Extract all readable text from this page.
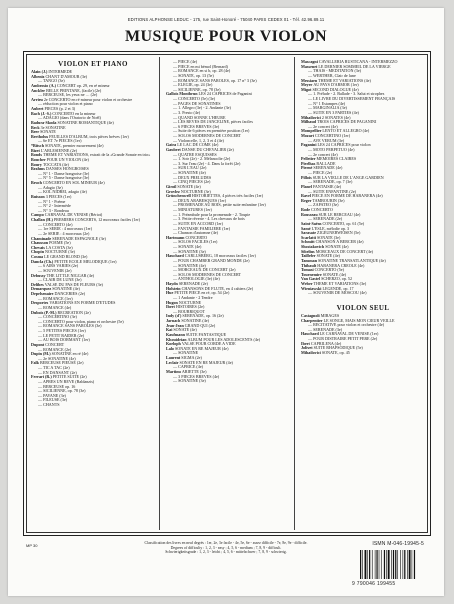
EDITIONS ALPHONSE LEDUC - 175, rue Saint-Honoré - 75040 PARIS CEDEX 01 - Tél. 42.96.89.11
MUSIQUE POUR VIOLON
VIOLON ET PIANO
Alain (J.) INTERMEDE
Albeniz CHANT D'AMOUR (3e)
— TANGO (3e)
Ambrosio (A.) CONCERT op. 29, en ré mineur
Anckler BELLE PRINTANE, (facile) (2e)
— BERCEUSE, les yeux ne … (2e)
Arrieu 2e CONCERTO en ré mineur pour violon et orchestre
— réduction pour violon et piano
Aubert PIECES (p. 2 et 3)
Bach (J.-S.) CONCERTO en la mineur
— ADAGIO (dans l'Oratorio de Noël)
Badura-Skoda SONATINE ROMANTIQUE (4e)
Beck 3e SONATINE
Beer SONATE
Bertholus FEUILLES D'ALBUM, trois pièces brèves (1er)
— 6e ET 7e PIECES (1er)
*Bitsch SONATE, premier mouvement (4e)
Bizet L'ARLESIENNE (2e)
Bonds THEME ET VARIATIONS, extrait de la «Grande Sonate en trio»
Boucher POUR UN VIOLON (4e)
Boury TOCCATA (4e)
Brahms DANSES HONGROISES
— N° 1 - Danse hongroise (3e)
— N° 5 - Danse hongroise (3e)
Bruch CONCERTO EN SOL MINEUR (4e)
— Adagio (3e)
— KOL NIDREI, adagio (4e)
Buisson 3 PIECES (1er)
— N° 1 - Poème
— N° 2 - Intermède
— N° 3 - Rondeau
Campo CARNAVAL DE VENISE (Bériot)
Challan (H.) PREMIERS CONCERTS, 12 morceaux faciles (1er)
— CONCERTO (4e)
— 1re SERIE : 4 morceaux (1er)
— 2e SERIE : 4 morceaux (2e)
Chaminade SERENADE ESPAGNOLE (3e)
Chausson POEME (5e)
Chevais LA COSTA (3e)
Chopin NOCTURNE (3e)
Cosma LE GRAND BLOND (3e)
Dancla (Ch.) PETITE ECOLE MELODIQUE (1er)
— 6 AIRS VARIES (2e)
— SOUVENIR (2e)
Debussy THE LITTLE NIGGAR (4e)
— CLAIR DE LUNE (3e)
Delibes VALSE DU PAS DE FLEURS (3e)
Demarquez SONATINE (4e)
Depelsenaire DANCERIES (2e)
— ROMANCE (1er)
Desportes VARIATIONS EN FORME D'ETUDES
— ROMANCE (4e)
Dubois (P.-M.) RECREATION (2e)
— CONCERTINO (3e)
— CONCERTO pour violon, piano et orchestre (5e)
— ROMANCE SANS PAROLES (3e)
— 5 PETITES PIECES (1er)
— LE PETIT RAIDER (2e)
— AU BOIS DORMANT (1er)
Dupont CONCERT
— ROMANCE (2e)
Dupin (M.) SONATINE en ré (4e)
— 2e SONATINE (4e)
Falk BERCEUSE PIEUSE (2e)
— TIC A TAC (2e)
— EN DANSANT (2e)
Ferrari (R.) PETITE SUITE (2e)
— APRES UN REVE (Baldanzis)
— BERCEUSE op. 16
— SICILIENNE, op. 78 (3e)
— PAVANE (3e)
— FILEUSE (3e)
— CHANTS
— PIECE (4e)
— PIECE en mi bémol (Bernard)
— ROMANCE en si b, op. 28 (4e)
— SONATE, op. 13 (5e)
— ROMANCE SANS PAROLES, op. 17 n° 3 (3e)
— ELEGIE, op. 24 (3e)
— SICILIENNE, op. 78 (3e)
Gallois Montbrun LES 24 CAPRICES de Paganini
— CONCERTO (5e) (3e)
— PAGES DE SONATINES
— 1. Allegro (3e) - 2. Andante (3e)
— 3. Presto (4e)
— QUAND SONNE L'HEURE
— LES REVES DE JANCELINE, pièces faciles
— 6 PIECES BREVES (3e)
— Suite de 6 pièces en première position (1er)
— SOLOS MODERNES DE CONCERT
— Violoncelle, 1, 2, 3 et 4 (4e)
Gaira LE LAC DE COME (4e)
Gaubert DANSE DU CHEVALIER (2e)
— QUATRE ESQUISSES
— 1. Soir (2e) - 2. Mélancolie (2e)
— 3. Sur l'eau (2e) - 4. Dans la forêt (2e)
— SUR L'EAU (2e)
— SONATINE (4e)
— DEUX PRELUDES
— CINQ PIECES (2e)
Giroil SONATE (4e)
Grovlez NOCTURNE (3e)
Grünchenwell HISTORIETTES, 4 pièces très faciles (1er)
— DEUX ARABESQUES (1er)
— PROMENADE AU BOIS, petite suite enfantine (1er)
— MINIATURES (1er)
— 1. Préambule pour la promenade - 2. Toupie
— 3. Petite rêverie - 4. Les chevaux de bois
— SUITE EN ACCORD (1er)
— FANTAISIE FAMILIERE (1er)
— Chanson d'automne (4e)
Hartmann CONCERTO
— SOLOS FACILES (1er)
— SONATE (4e)
— SONATINE (3e)
Hauchard CARLUSBERG, 18 morceaux faciles (1er)
— POUR CHAMBER GRAND MONDE (2e)
— SONATINE (4e)
— MORCEAUX DE CONCERT (2e)
— SOLOS MODERNES DE CONCERT
— ANTHOLOGIE (3e) (4e)
Haydn SERENADE (2e)
Holstein CHANSONS DE FLUTE, en 4 cahiers (2e)
Hue PETITE PIECE en ré, op. 54 (2e)
— 1 Andante - 2 Tendre
Hugon NOCTURNE
Ibert HISTOIRES (2e)
— BOURRIQUOT
Indy (d') SERENADE, op. 16 (2e)
Jarnach SONATINE (4e)
Jean-Jean GRAND QUI (2e)
Kai SONATE (4e)
Kaufmann SUITE FANTASTIQUE
Khouidrian ALBUM POUR LES ADOLESCENTS (4e)
Koeloph VALSE POUR CORDE A VIDE
Lalo SONATE EN RE MAJEUR (4e)
— SONATINE
Laurent SIGMA (2e)
Leclair SONATE EN RE MAJEUR (4e)
— CAPRICE (4e)
Martinu ARIETTE (3e)
— 3 PIECES BREVES (4e)
— SONATINE (3e)
Mascagni CAVALLERIA RUSTICANA - INTERMEZZO
Massenet LE DERNIER SOMMEIL DE LA VIERGE
— THAIS - MEDITATION (3e)
— WERTHER, Clair de lune
Messiaen THEME ET VARIATIONS (4e)
Meyer AU PAYS D'ARMOR (1er)
Migot SECOND DIALOGUE (4e)
— 1. Prélude - 2. Ballade - 3. Salut et strophes
— LE LIVRE DU DIVERTISSEMENT FRANÇAIS
— N° 1 Estampes (4e)
— MARGINALIA (3e)
— SUITE EN 3 PARTIES (4e)
Mihailovici 2 SONATES (4e)
Milhaud TROIS CAPRICES DE PAGANINI
— 2e concert (4e)
Mompellier LENTO ET ALLEGRO (4e)
Mozart CONCERTINO (1er)
— AVE VERUM (3e)
Paganini LES 24 CAPRICES pour violon
— MOTO PERPETUO (4e)
— 2e concert (4e)
Pelletier MEMOIRES CLAIRES
Pierlhas BALLADE
Pierné SERENADE (4e)
— PIECE (2e)
Pillois SUR LA VIELLE DE L'ANGE GARDIEN
— SERENADE, op. 7 (3e)
Planel FANTAISIE (4e)
— SUITE ENFANTINE (2e)
Ravel PIECE EN FORME DE HABANERA (4e)
Reger TAMBOURIN (3e)
— ZAPATEO (3e)
Rode CONCERTO
Rousseau SUR LE BERCEAU (4e)
— SERENADE (2e)
Saint-Saëns CONCERTO, op. 61 (5e)
Samé L'ESLE, mélodie op. 3
Sarasate ZIGEUNERWEISEN (5e)
Scarlatti SONATE (3e)
Schmitt CHANSON A BERCER (4e)
Shostakovich SONATE (4e)
Sibelius MORCEAUX DE CONCERT (4e)
Taillefer SONATE (4e)
Tansman SONATINE TRANSATLANTIQUE (4e)
Thibault HABANERA CREOLE (4e)
Tomasi CONCERTO (5e)
Tournemire SONATE (4e)
Van Gastel SCHERZO, op. 52
Weber THEME ET VARIATIONS (3e)
Wieniawski LEGENDE, op. 17
— SOUVENIR DE MOSCOU (4e)
VIOLON SEUL
Castagnoli MIRAGES
Charpentier LE SONGE, MAIS MON CŒUR VEILLE
— RECITATIVE pour violon et orchestre (4e)
— SERENADE (3e)
Hauchard LE CARNAVAL DE VENISE (1er)
— POUR DISTRAIRE PETIT PERE (2e)
Ibert CAPRILENA (4e)
Jolivet SUITE RHAPSODIQUE (5e)
Mihailovici SONATE, op. 45
MP 30	Classification des livres en neuf degrés : 1er, 2e, 3e facile - 4e, 5e, 6e - assez difficile - 7e, 8e, 9e - difficile.
Degrees of difficulty : 1, 2, 3 - easy ; 4, 5, 6 - medium ; 7, 8, 9 - difficult.
Schwierigkeitsgrade : 1, 2, 3 - leicht ; 4, 5, 6 - mittelschwer ; 7, 8, 9 - schwierig.
ISMN M-046-19945-5
9 790046 199455
